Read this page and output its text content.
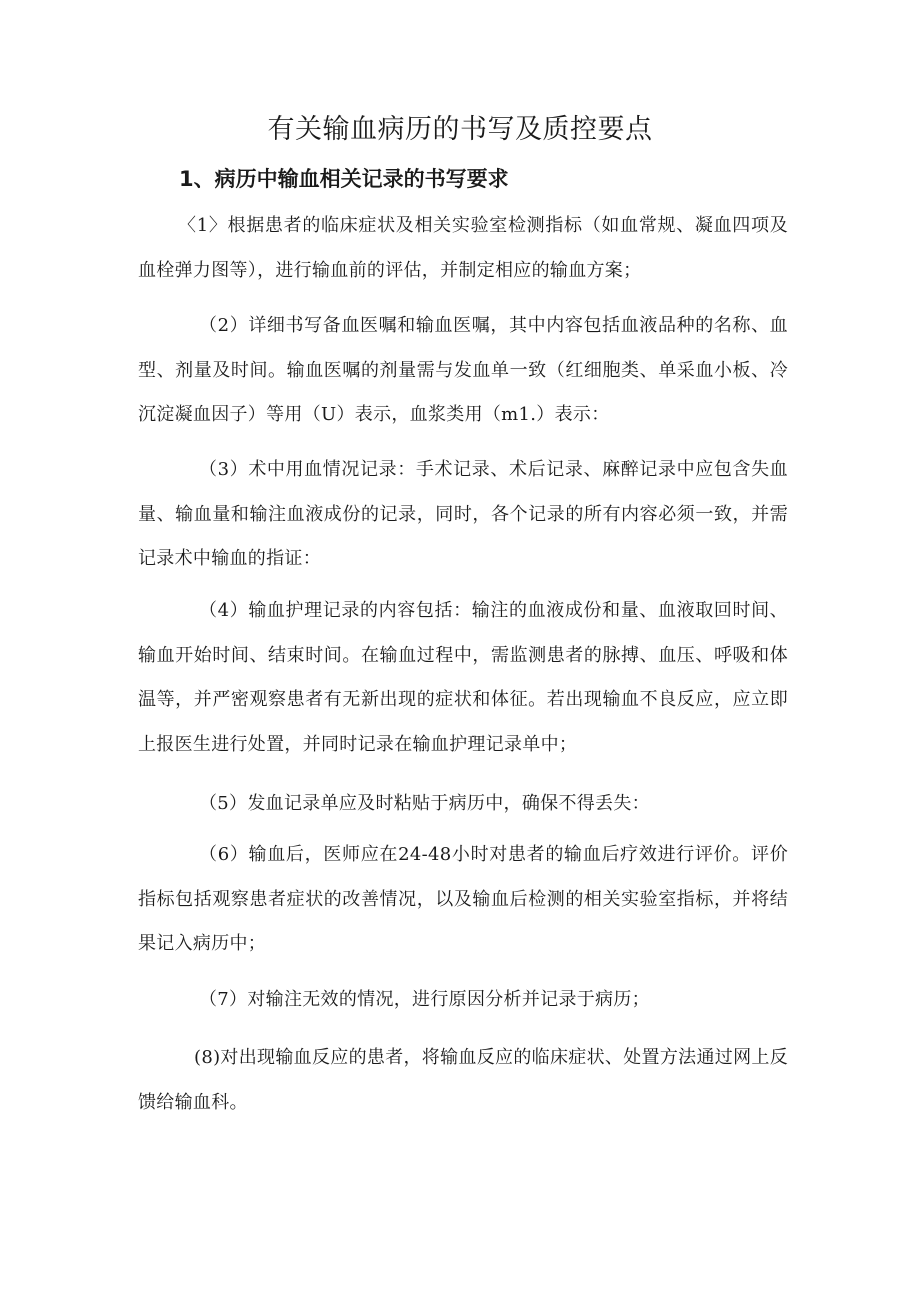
有关输血病历的书写及质控要点
1、病历中输血相关记录的书写要求

〈1〉根据患者的临床症状及相关实验室检测指标（如血常规、凝血四项及血栓弹力图等），进行输血前的评估，并制定相应的输血方案；

（2）详细书写备血医嘱和输血医嘱，其中内容包括血液品种的名称、血型、剂量及时间。输血医嘱的剂量需与发血单一致（红细胞类、单采血小板、冷沉淀凝血因子）等用（U）表示，血浆类用（m1.）表示：

（3）术中用血情况记录：手术记录、术后记录、麻醉记录中应包含失血量、输血量和输注血液成份的记录，同时，各个记录的所有内容必须一致，并需记录术中输血的指证：

（4）输血护理记录的内容包括：输注的血液成份和量、血液取回时间、输血开始时间、结束时间。在输血过程中，需监测患者的脉搏、血压、呼吸和体温等，并严密观察患者有无新出现的症状和体征。若出现输血不良反应，应立即上报医生进行处置，并同时记录在输血护理记录单中；

（5）发血记录单应及时粘贴于病历中，确保不得丢失：

（6）输血后，医师应在24-48小时对患者的输血后疗效进行评价。评价指标包括观察患者症状的改善情况，以及输血后检测的相关实验室指标，并将结果记入病历中；

（7）对输注无效的情况，进行原因分析并记录于病历；

(8)对出现输血反应的患者，将输血反应的临床症状、处置方法通过网上反馈给输血科。
